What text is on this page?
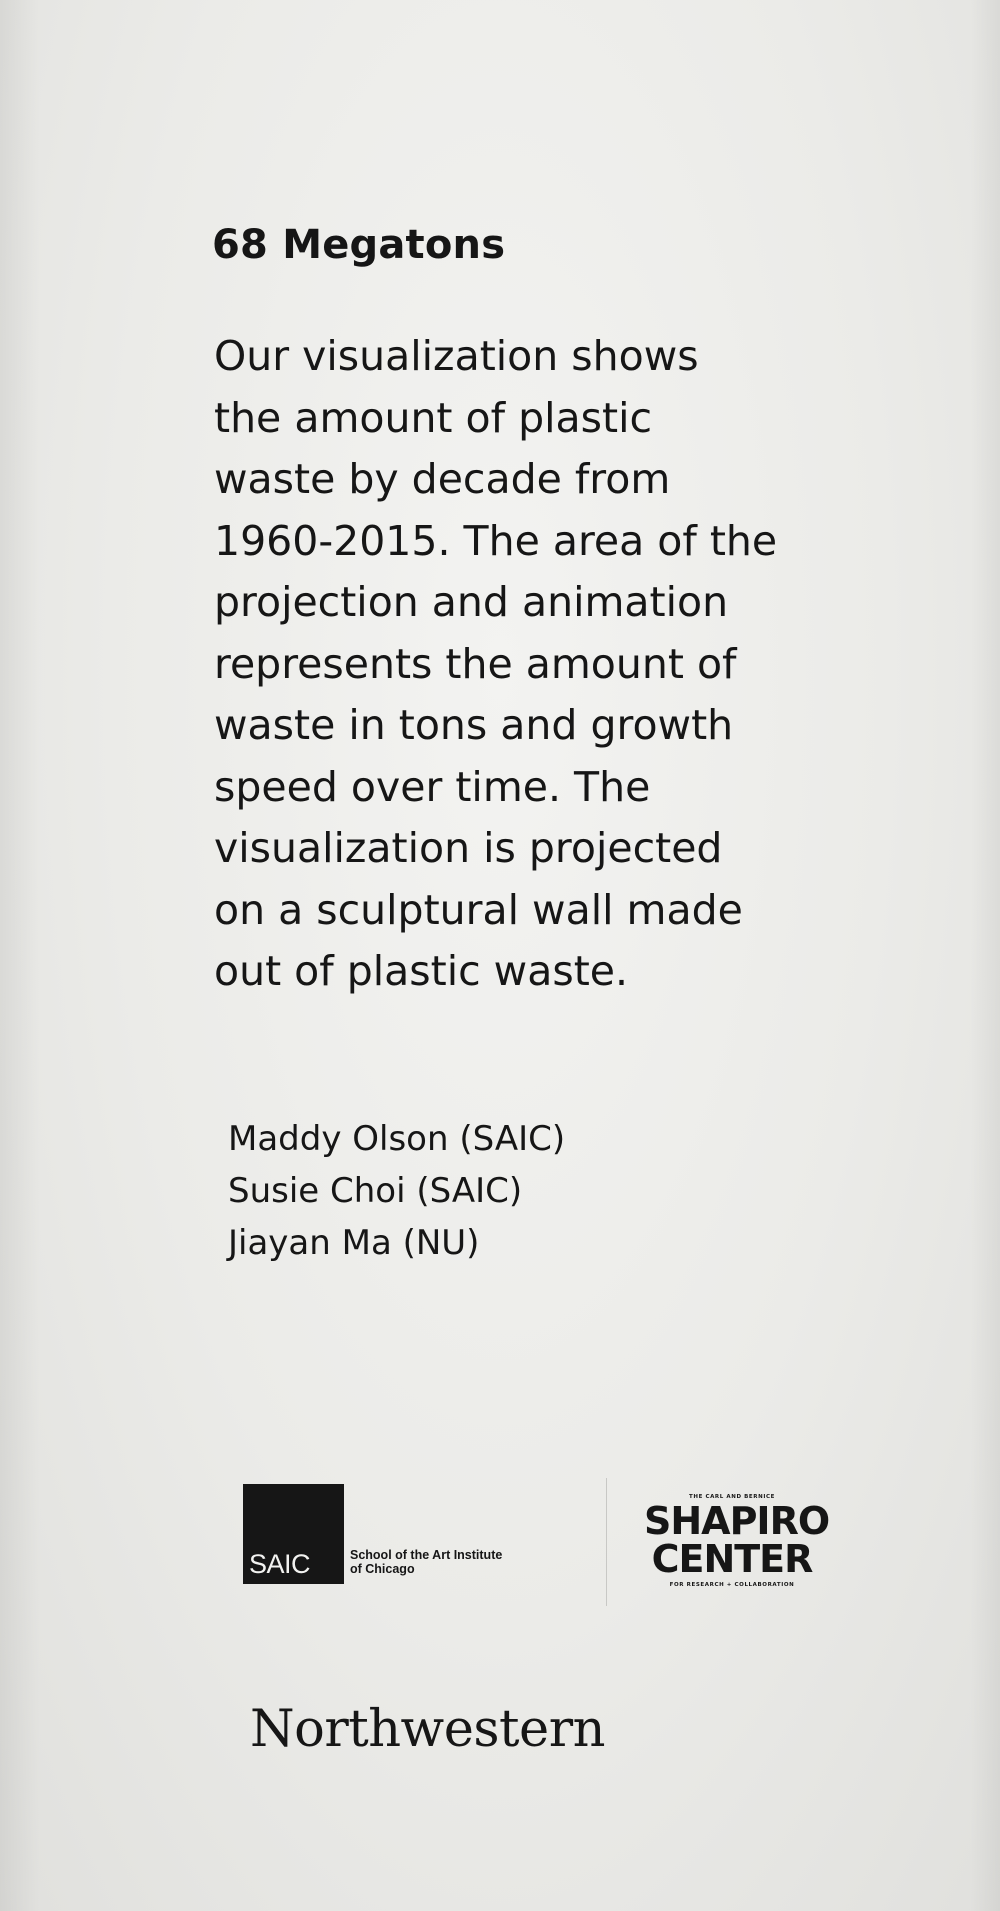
68 Megatons

Our visualization shows
the amount of plastic
waste by decade from
1960-2015. The area of the
projection and animation
represents the amount of
waste in tons and growth
speed over time. The
visualization is projected
on a sculptural wall made
out of plastic waste.

Maddy Olson (SAIC)
Susie Choi (SAIC)
Jiayan Ma (NU)

SAIC	School of the Art Institute
of Chicago
THE CARL AND BERNICE
SHAPIRO
CENTER
FOR RESEARCH + COLLABORATION
Northwestern
